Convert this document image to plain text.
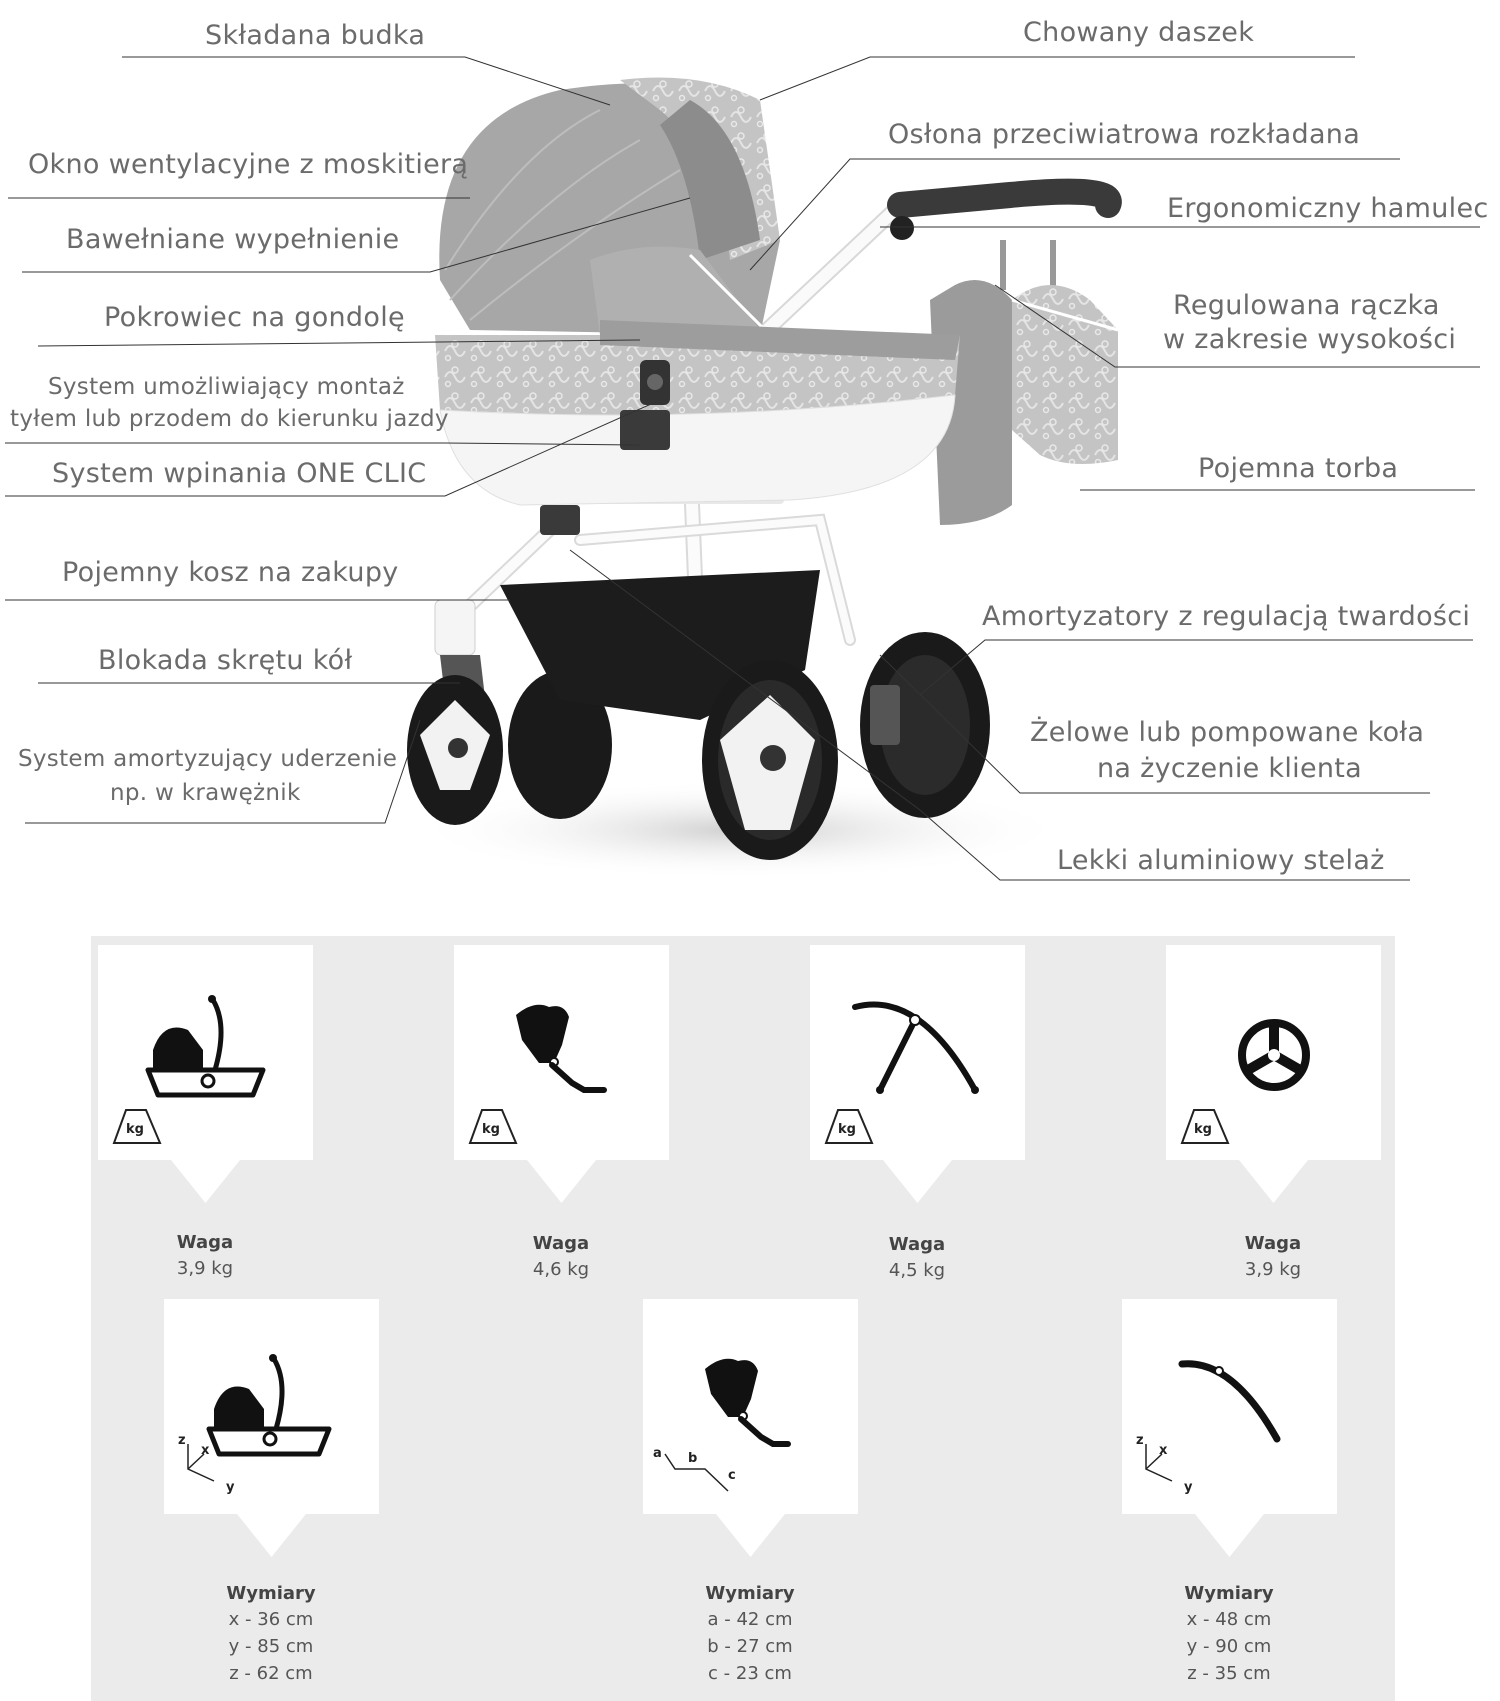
Składana budka	Chowany daszek
Osłona przeciwiatrowa rozkładana
Okno wentylacyjne z moskitierą
Ergonomiczny hamulec
Bawełniane wypełnienie
Regulowana rączka
w zakresie wysokości
Pokrowiec na gondolę
System umożliwiający montaż
tyłem lub przodem do kierunku jazdy
System wpinania ONE CLIC	Pojemna torba
Pojemny kosz na zakupy
Amortyzatory z regulacją twardości
Blokada skrętu kół
Żelowe lub pompowane koła
na życzenie klienta
System amortyzujący uderzenie
np. w krawężnik
Lekki aluminiowy stelaż
kg	kg	kg	kg
Waga
3,9 kg
Waga
4,6 kg
Waga
4,5 kg
Waga
3,9 kg
z
x
y
a b
c
z
x
y
Wymiary
x - 36 cm
y - 85 cm
z - 62 cm
Wymiary
a - 42 cm
b - 27 cm
c - 23 cm
Wymiary
x - 48 cm
y - 90 cm
z - 35 cm
